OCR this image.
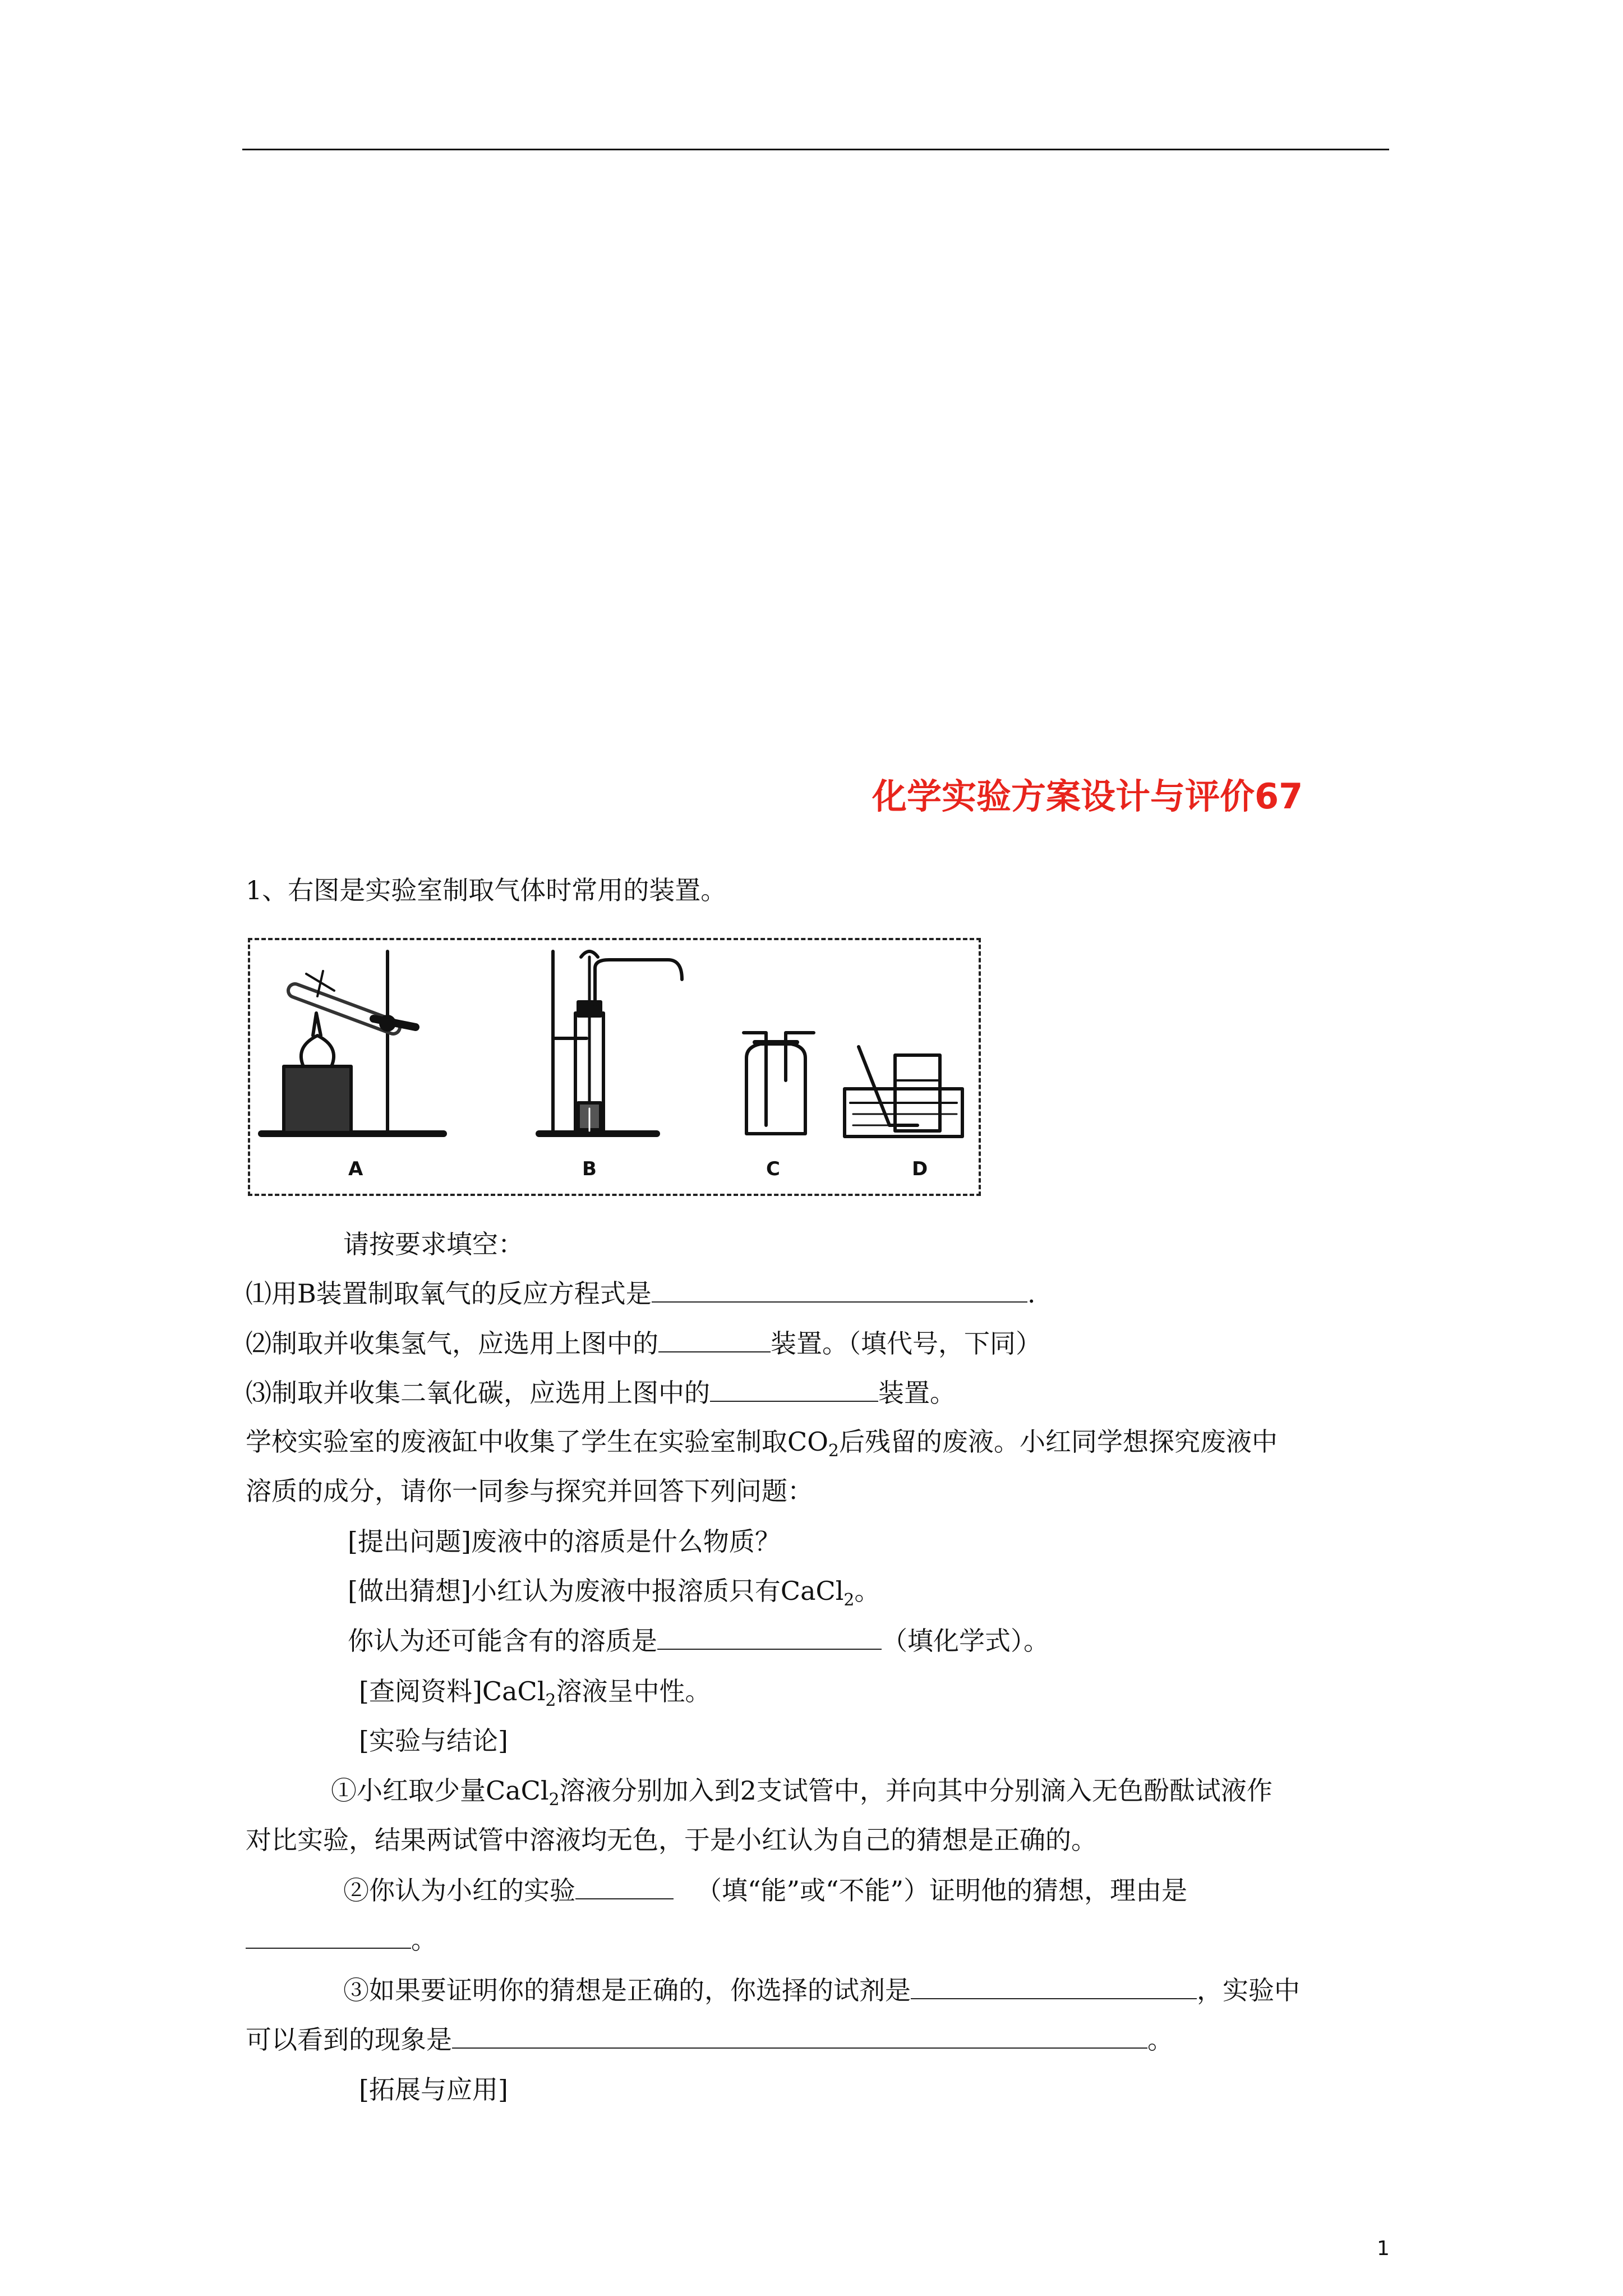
化学实验方案设计与评价67
1、右图是实验室制取气体时常用的装置。
A	B	C	D
请按要求填空：
⑴用B装置制取氧气的反应方程式是	.
⑵制取并收集氢气，应选用上图中的	装置。（填代号，下同）
⑶制取并收集二氧化碳，应选用上图中的	装置。
学校实验室的废液缸中收集了学生在实验室制取$CO_2$后残留的废液。小红同学想探究废液中
溶质的成分，请你一同参与探究并回答下列问题：
[提出问题]废液中的溶质是什么物质？
[做出猜想]小红认为废液中报溶质只有CaCl$_2$。
你认为还可能含有的溶质是	（填化学式）。
[查阅资料]CaCl$_2$溶液呈中性。
[实验与结论]
①小红取少量CaCl$_2$溶液分别加入到2支试管中，并向其中分别滴入无色酚酞试液作
对比实验，结果两试管中溶液均无色，于是小红认为自己的猜想是正确的。
②你认为小红的实验	（填“能”或“不能”）证明他的猜想，理由是
。
③如果要证明你的猜想是正确的，你选择的试剂是	，实验中
可以看到的现象是	。
[拓展与应用]
1
